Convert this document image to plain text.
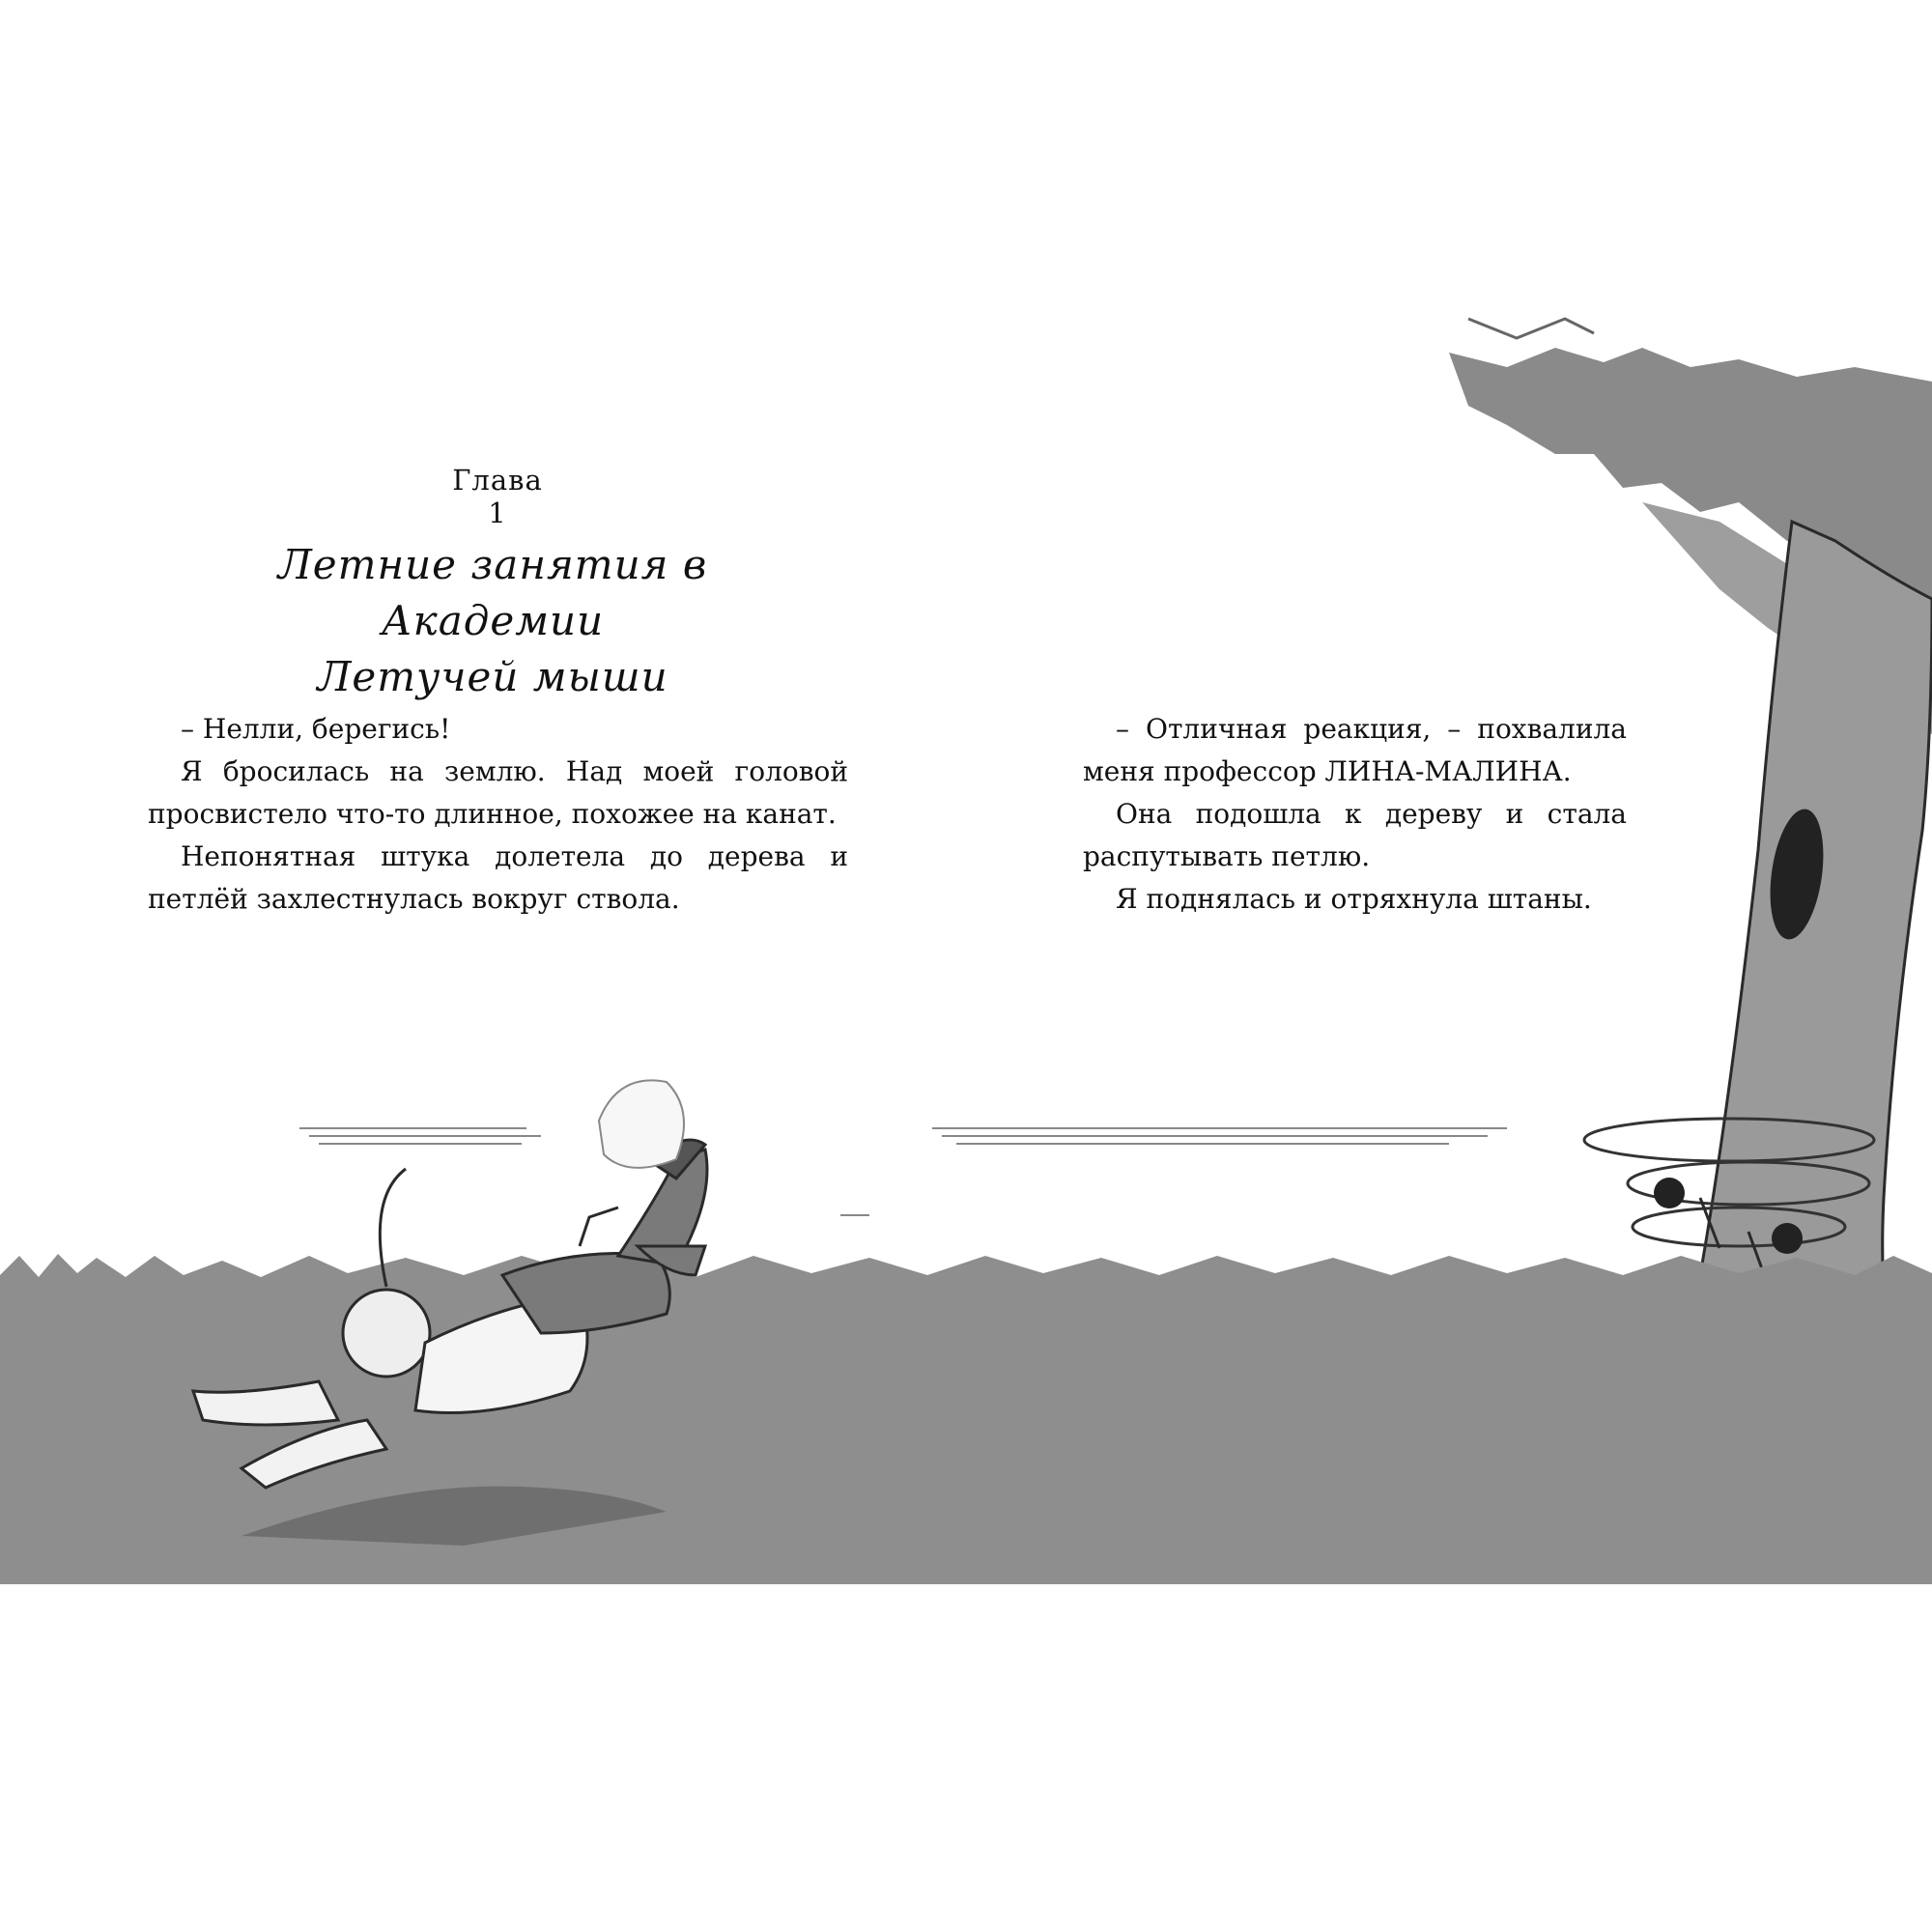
Глава 1
Летние занятия в Академии
Летучей мыши

– Нелли, берегись!

Я бросилась на землю. Над моей головой просвистело что-то длинное, похожее на канат.

Непонятная штука долетела до дерева и петлёй захлестнулась вокруг ствола.

– Отличная реакция, – похвалила меня профессор ЛИНА-МАЛИНА.

Она подошла к дереву и стала распутывать петлю.

Я поднялась и отряхнула штаны.
